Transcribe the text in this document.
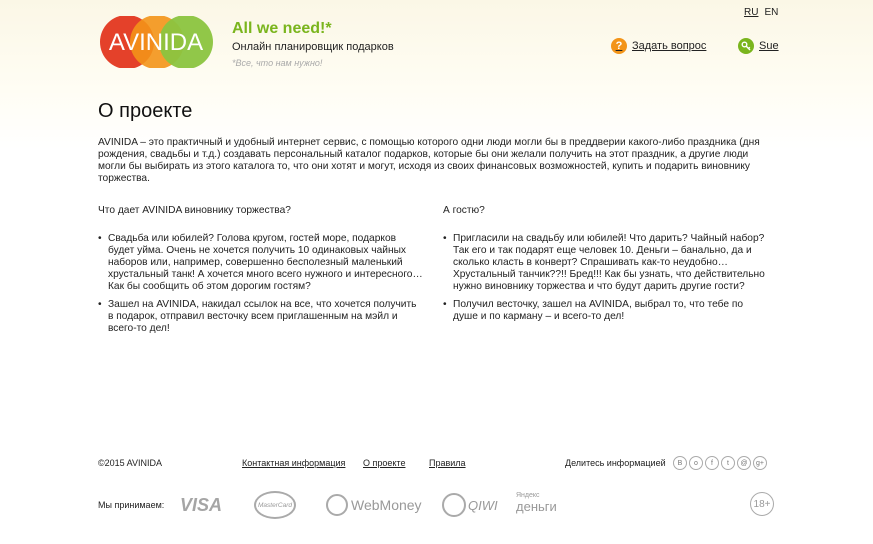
AVINIDA
All we need!*
Онлайн планировщик подарков
*Все, что нам нужно!
RU EN
? Задать вопрос	Sue
О проекте
AVINIDA – это практичный и удобный интернет сервис, с помощью которого одни люди могли бы в преддверии какого-либо праздника (дня рождения, свадьбы и т.д.) создавать персональный каталог подарков, которые бы они желали получить на этот праздник, а другие люди могли бы выбирать из этого каталога то, что они хотят и могут, исходя из своих финансовых возможностей, купить и подарить виновнику торжества.
Что дает AVINIDA виновнику торжества?
• Свадьба или юбилей? Голова кругом, гостей море, подарков будет уйма. Очень не хочется получить 10 одинаковых чайных наборов или, например, совершенно бесполезный маленький хрустальный танк! А хочется много всего нужного и интересного… Как бы сообщить об этом дорогим гостям?
• Зашел на AVINIDA, накидал ссылок на все, что хочется получить в подарок, отправил весточку всем приглашенным на мэйл и всего-то дел!
А гостю?
• Пригласили на свадьбу или юбилей! Что дарить? Чайный набор? Так его и так подарят еще человек 10. Деньги – банально, да и сколько класть в конверт? Спрашивать как-то неудобно… Хрустальный танчик??!! Бред!!! Как бы узнать, что действительно нужно виновнику торжества и что будут дарить другие гости?
• Получил весточку, зашел на AVINIDA, выбрал то, что тебе по душе и по карману – и всего-то дел!
©2015 AVINIDA	Контактная информация О проекте	Правила	Делитесь информацией	В	о	f	t	@	g+
Мы принимаем: VISA	MasterCard	WebMoney	QIWI
Яндекс
деньги	18+
